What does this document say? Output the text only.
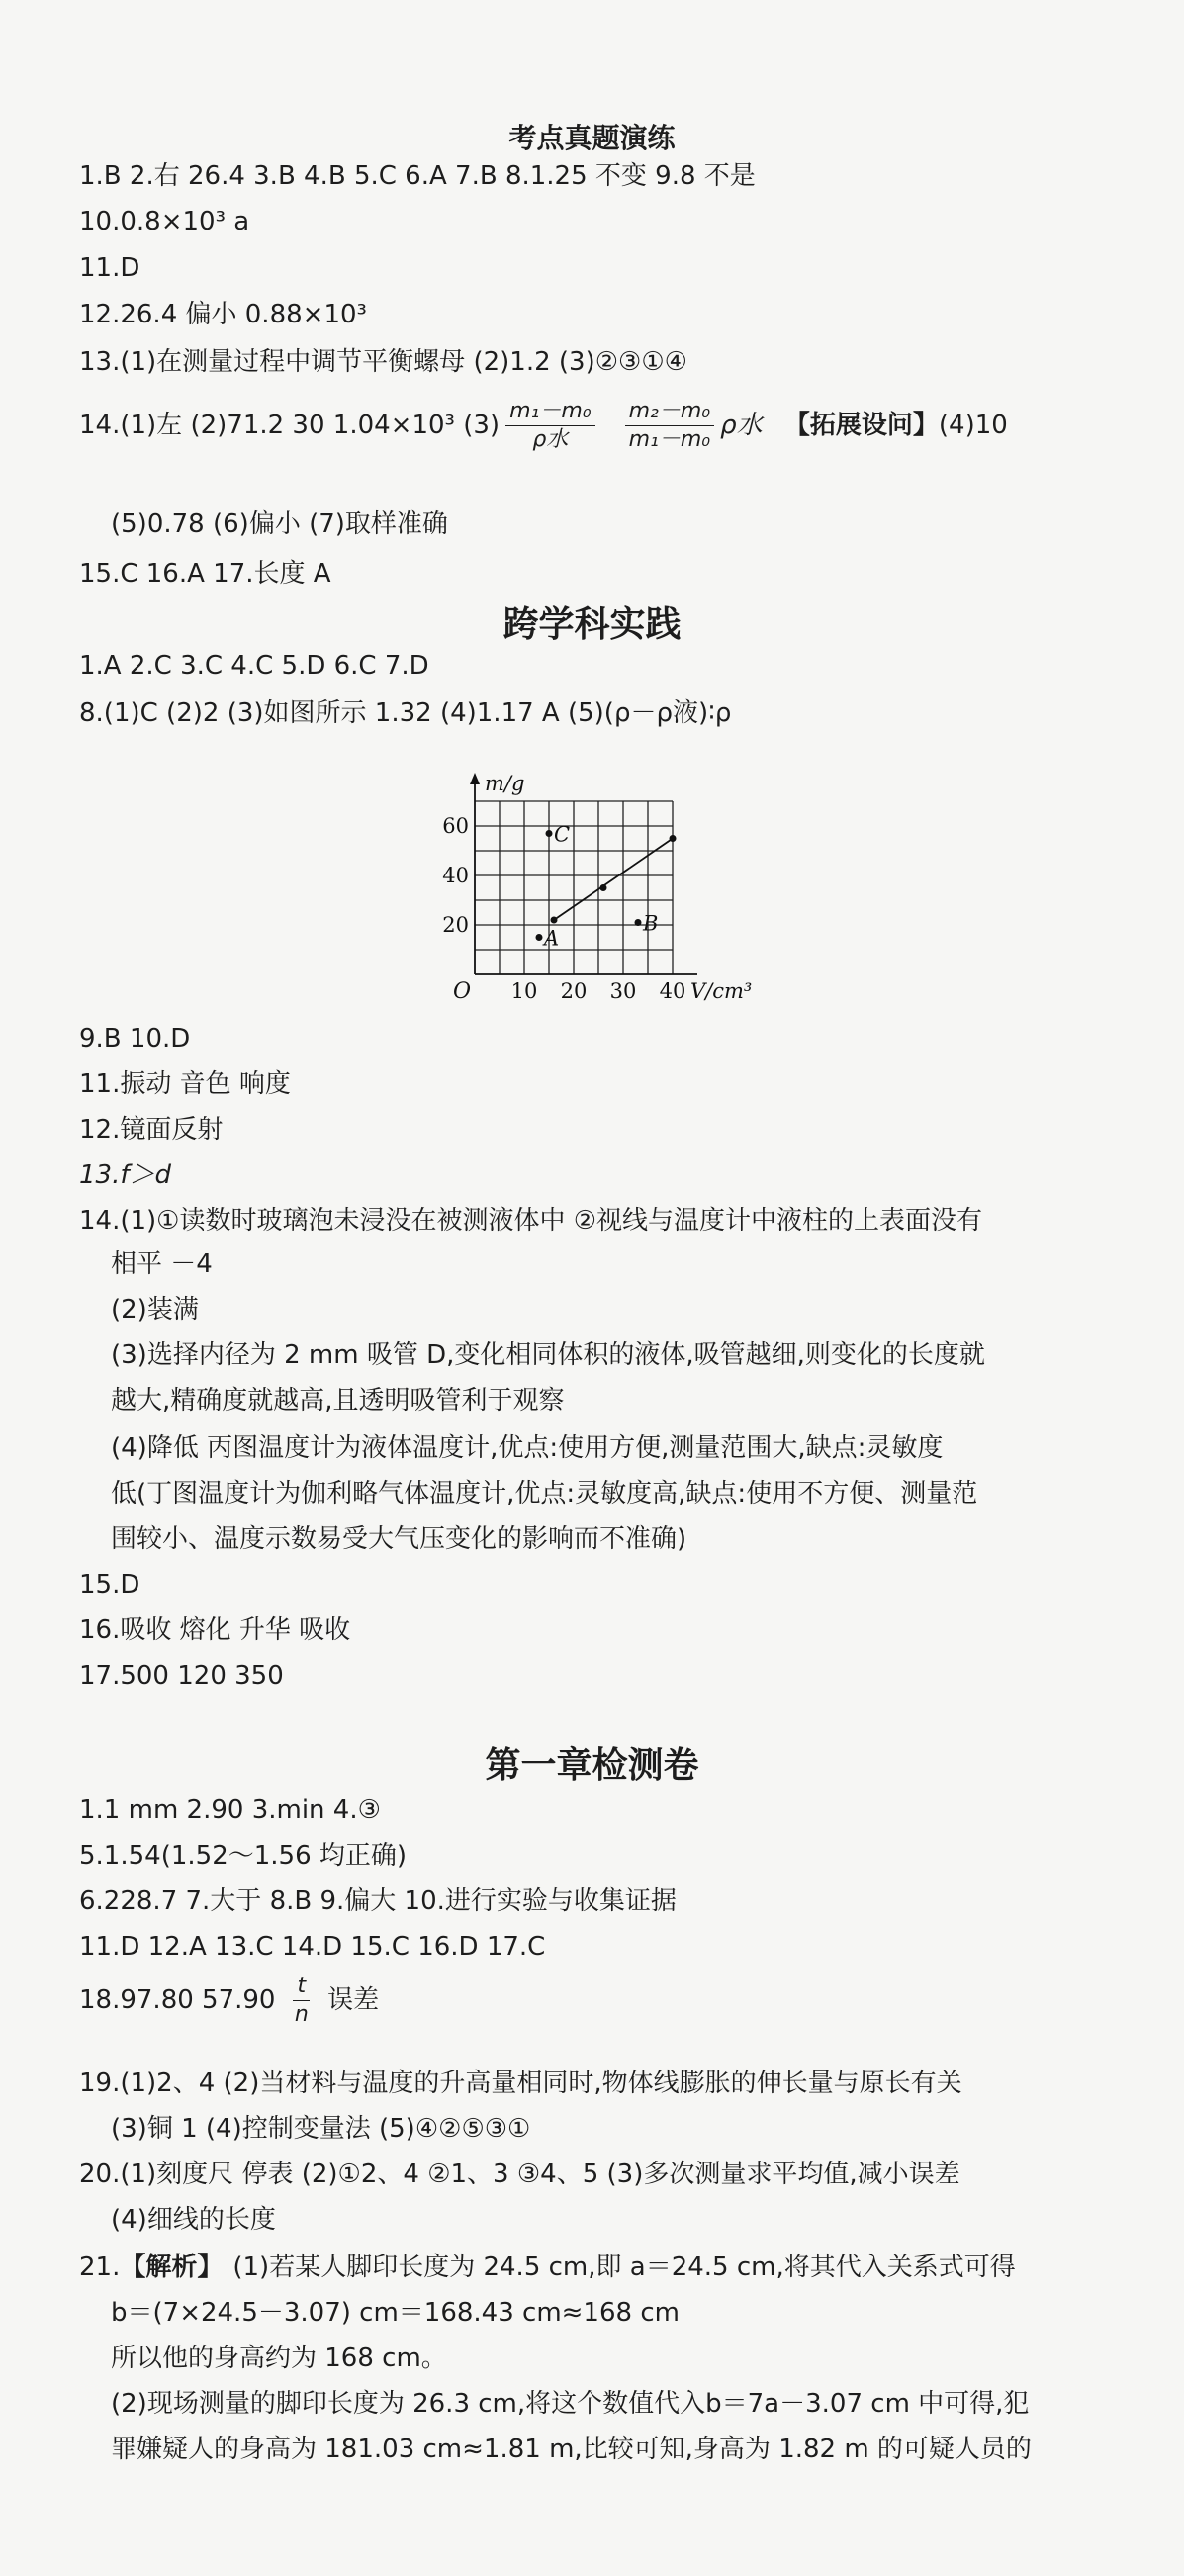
考点真题演练
1.B 2.右 26.4 3.B 4.B 5.C 6.A 7.B 8.1.25 不变 9.8 不是
10.0.8×10³ a
11.D
12.26.4 偏小 0.88×10³
13.(1)在测量过程中调节平衡螺母 (2)1.2 (3)②③①④
14.(1)左 (2)71.2 30 1.04×10³ $(3) \frac{\text{m₁－m₀}}{\text{ρ水}} \frac{\text{m₂－m₀}}{\text{m₁－m₀}}$ ρ水 【拓展设问】(4)10
(5)0.78 (6)偏小 (7)取样准确
15.C 16.A 17.长度 A
跨学科实践
1.A 2.C 3.C 4.C 5.D 6.C 7.D
8.(1)C (2)2 (3)如图所示 1.32 (4)1.17 A (5)(ρ－ρ液)∶ρ
O
m/g
10 20 30 40 V/cm³
20
40
60
A
B
C
9.B 10.D
11.振动 音色 响度
12.镜面反射
13.f＞d
14.(1)①读数时玻璃泡未浸没在被测液体中 ②视线与温度计中液柱的上表面没有
相平 －4
(2)装满
(3)选择内径为 2 mm 吸管 D,变化相同体积的液体,吸管越细,则变化的长度就
越大,精确度就越高,且透明吸管利于观察
(4)降低 丙图温度计为液体温度计,优点:使用方便,测量范围大,缺点:灵敏度
低(丁图温度计为伽利略气体温度计,优点:灵敏度高,缺点:使用不方便、测量范
围较小、温度示数易受大气压变化的影响而不准确)
15.D
16.吸收 熔化 升华 吸收
17.500 120 350
第一章检测卷
1.1 mm 2.90 3.min 4.③
5.1.54(1.52～1.56 均正确)
6.228.7 7.大于 8.B 9.偏大 10.进行实验与收集证据
11.D 12.A 13.C 14.D 15.C 16.D 17.C
18.97.80 $57.90 \frac{t}{n}$ 误差
19.(1)2、4 (2)当材料与温度的升高量相同时,物体线膨胀的伸长量与原长有关
(3)铜 1 (4)控制变量法 (5)④②⑤③①
20.(1)刻度尺 停表 (2)①2、4 ②1、3 ③4、5 (3)多次测量求平均值,减小误差
(4)细线的长度
21.【解析】 (1)若某人脚印长度为 24.5 cm,即 a＝24.5 cm,将其代入关系式可得
b＝(7×24.5－3.07) cm＝168.43 cm≈168 cm
所以他的身高约为 168 cm。
(2)现场测量的脚印长度为 26.3 cm,将这个数值代入b＝7a－3.07 cm 中可得,犯
罪嫌疑人的身高为 181.03 cm≈1.81 m,比较可知,身高为 1.82 m 的可疑人员的
